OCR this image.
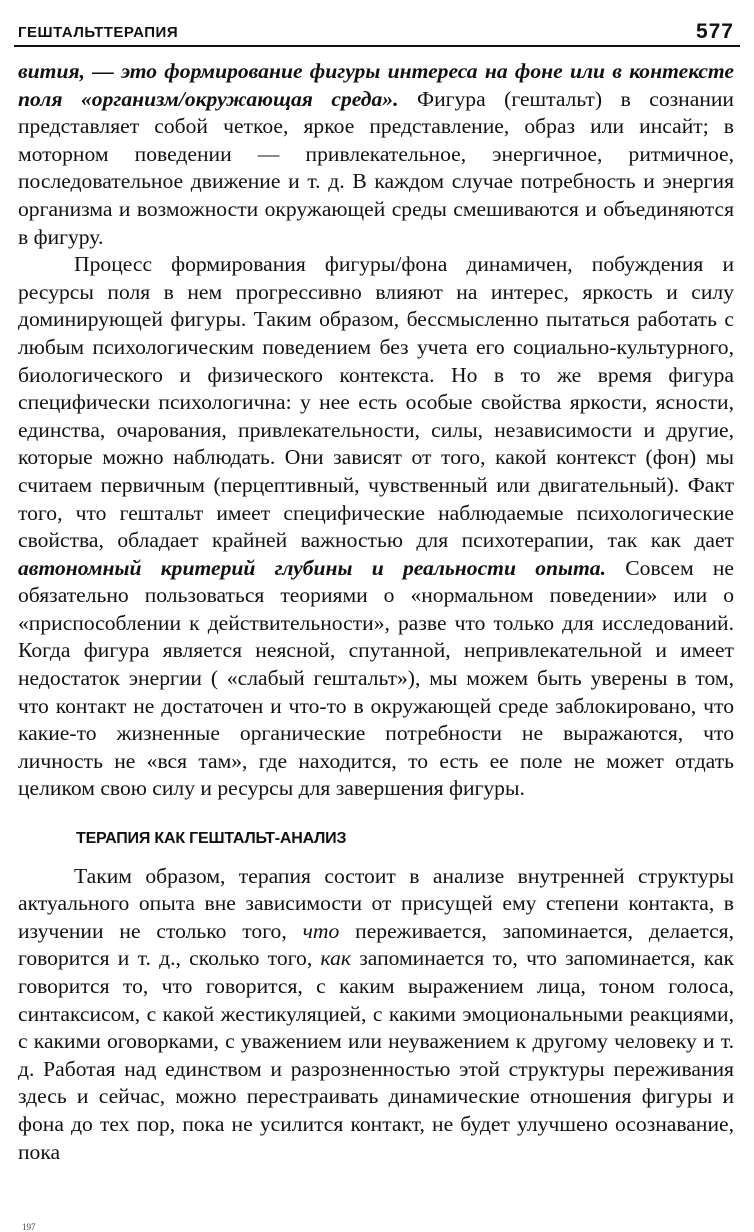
ГЕШТАЛЬТТЕРАПИЯ	577

вития, — это формирование фигуры интереса на фоне или в контексте поля «организм/окружающая среда». Фигура (гештальт) в сознании представляет собой четкое, яркое представление, образ или инсайт; в моторном поведении — привлекательное, энергичное, ритмичное, последовательное движение и т. д. В каждом случае потребность и энергия организма и возможности окружающей среды смешиваются и объединяются в фигуру.

Процесс формирования фигуры/фона динамичен, побуждения и ресурсы поля в нем прогрессивно влияют на интерес, яркость и силу доминирующей фигуры. Таким образом, бессмысленно пытаться работать с любым психологическим поведением без учета его социально-культурного, биологического и физического контекста. Но в то же время фигура специфически психологична: у нее есть особые свойства яркости, ясности, единства, очарования, привлекательности, силы, независимости и другие, которые можно наблюдать. Они зависят от того, какой контекст (фон) мы считаем первичным (перцептивный, чувственный или двигательный). Факт того, что гештальт имеет специфические наблюдаемые психологические свойства, обладает крайней важностью для психотерапии, так как дает автономный критерий глубины и реальности опыта. Совсем не обязательно пользоваться теориями о «нормальном поведении» или о «приспособлении к действительности», разве что только для исследований. Когда фигура является неясной, спутанной, непривлекательной и имеет недостаток энергии ( «слабый гештальт»), мы можем быть уверены в том, что контакт не достаточен и что-то в окружающей среде заблокировано, что какие-то жизненные органические потребности не выражаются, что личность не «вся там», где находится, то есть ее поле не может отдать целиком свою силу и ресурсы для завершения фигуры.

ТЕРАПИЯ КАК ГЕШТАЛЬТ-АНАЛИЗ

Таким образом, терапия состоит в анализе внутренней структуры актуального опыта вне зависимости от присущей ему степени контакта, в изучении не столько того, что переживается, запоминается, делается, говорится и т. д., сколько того, как запоминается то, что запоминается, как говорится то, что говорится, с каким выражением лица, тоном голоса, синтаксисом, с какой жестикуляцией, с какими эмоциональными реакциями, с какими оговорками, с уважением или неуважением к другому человеку и т. д. Работая над единством и разрозненностью этой структуры переживания здесь и сейчас, можно перестраивать динамические отношения фигуры и фона до тех пор, пока не усилится контакт, не будет улучшено осознавание, пока

197
